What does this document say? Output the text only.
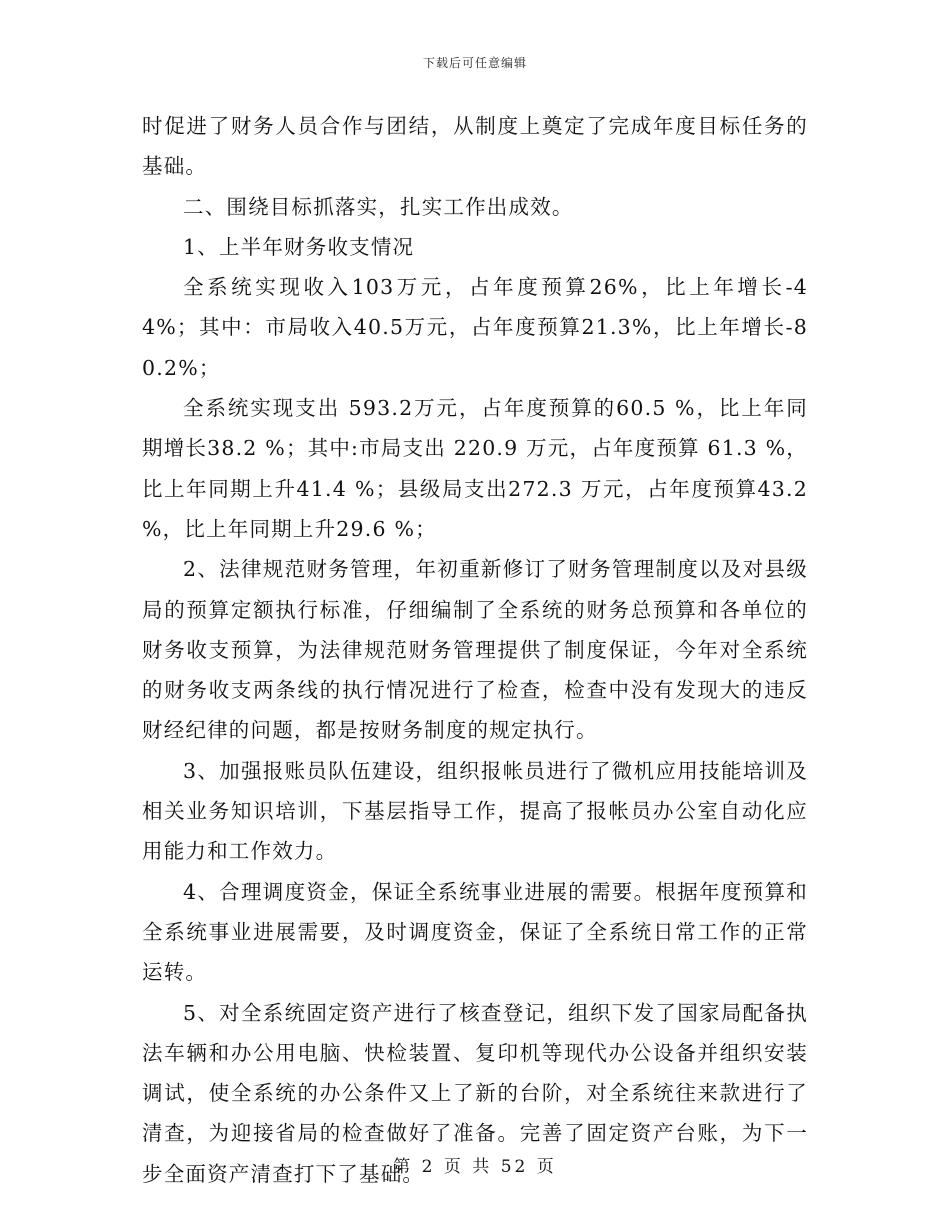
下载后可任意编辑

时促进了财务人员合作与团结，从制度上奠定了完成年度目标任务的基础。

二、围绕目标抓落实，扎实工作出成效。

1、上半年财务收支情况

全系统实现收入103万元，占年度预算26%，比上年增长-44%；其中：市局收入40.5万元，占年度预算21.3%，比上年增长-80.2%；

全系统实现支出 593.2万元，占年度预算的60.5 %，比上年同期增长38.2 %；其中:市局支出 220.9 万元，占年度预算 61.3 %，比上年同期上升41.4 %；县级局支出272.3 万元，占年度预算43.2 %，比上年同期上升29.6 %；

2、法律规范财务管理，年初重新修订了财务管理制度以及对县级局的预算定额执行标准，仔细编制了全系统的财务总预算和各单位的财务收支预算，为法律规范财务管理提供了制度保证，今年对全系统的财务收支两条线的执行情况进行了检查，检查中没有发现大的违反财经纪律的问题，都是按财务制度的规定执行。

3、加强报账员队伍建设，组织报帐员进行了微机应用技能培训及相关业务知识培训，下基层指导工作，提高了报帐员办公室自动化应用能力和工作效力。

4、合理调度资金，保证全系统事业进展的需要。根据年度预算和全系统事业进展需要，及时调度资金，保证了全系统日常工作的正常运转。

5、对全系统固定资产进行了核查登记，组织下发了国家局配备执法车辆和办公用电脑、快检装置、复印机等现代办公设备并组织安装调试，使全系统的办公条件又上了新的台阶，对全系统往来款进行了清查，为迎接省局的检查做好了准备。完善了固定资产台账，为下一步全面资产清查打下了基础。

第 2 页 共 52 页
